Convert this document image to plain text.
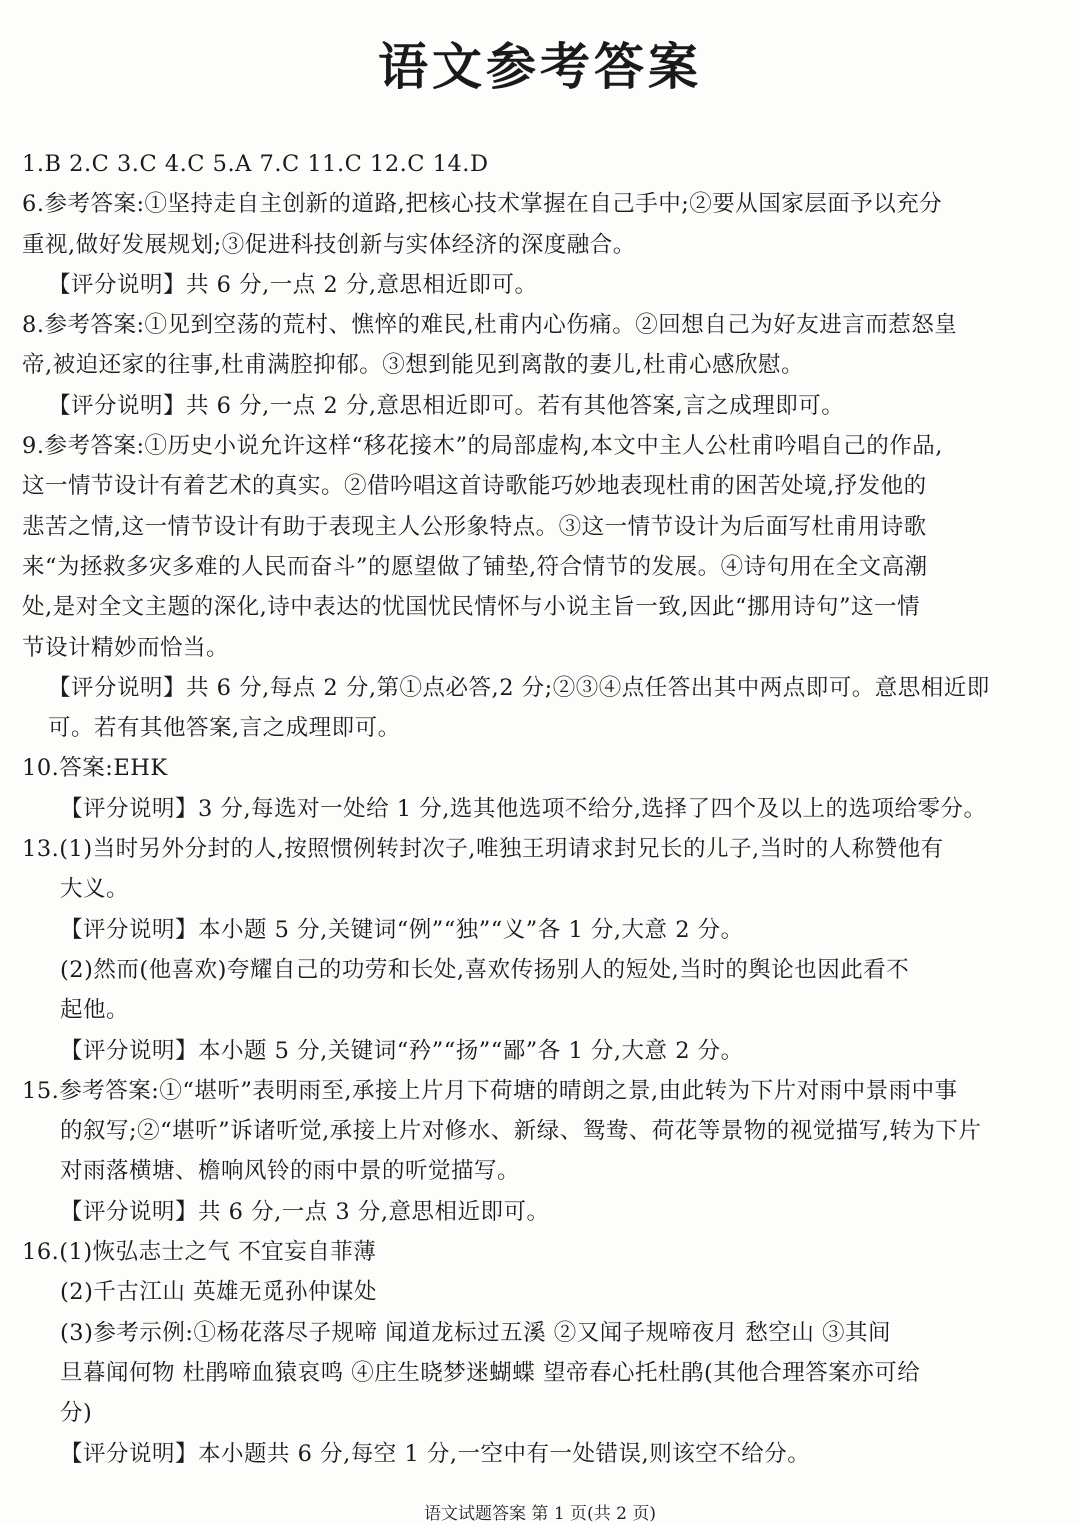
语文参考答案
1.B 2.C 3.C 4.C 5.A 7.C 11.C 12.C 14.D
6.参考答案:①坚持走自主创新的道路,把核心技术掌握在自己手中;②要从国家层面予以充分
重视,做好发展规划;③促进科技创新与实体经济的深度融合。
【评分说明】共 6 分,一点 2 分,意思相近即可。
8.参考答案:①见到空荡的荒村、憔悴的难民,杜甫内心伤痛。②回想自己为好友进言而惹怒皇
帝,被迫还家的往事,杜甫满腔抑郁。③想到能见到离散的妻儿,杜甫心感欣慰。
【评分说明】共 6 分,一点 2 分,意思相近即可。若有其他答案,言之成理即可。
9.参考答案:①历史小说允许这样“移花接木”的局部虚构,本文中主人公杜甫吟唱自己的作品,
这一情节设计有着艺术的真实。②借吟唱这首诗歌能巧妙地表现杜甫的困苦处境,抒发他的
悲苦之情,这一情节设计有助于表现主人公形象特点。③这一情节设计为后面写杜甫用诗歌
来“为拯救多灾多难的人民而奋斗”的愿望做了铺垫,符合情节的发展。④诗句用在全文高潮
处,是对全文主题的深化,诗中表达的忧国忧民情怀与小说主旨一致,因此“挪用诗句”这一情
节设计精妙而恰当。
【评分说明】共 6 分,每点 2 分,第①点必答,2 分;②③④点任答出其中两点即可。意思相近即
可。若有其他答案,言之成理即可。
10.答案:EHK
【评分说明】3 分,每选对一处给 1 分,选其他选项不给分,选择了四个及以上的选项给零分。
13.(1)当时另外分封的人,按照惯例转封次子,唯独王玥请求封兄长的儿子,当时的人称赞他有
大义。
【评分说明】本小题 5 分,关键词“例”“独”“义”各 1 分,大意 2 分。
(2)然而(他喜欢)夸耀自己的功劳和长处,喜欢传扬别人的短处,当时的舆论也因此看不
起他。
【评分说明】本小题 5 分,关键词“矜”“扬”“鄙”各 1 分,大意 2 分。
15.参考答案:①“堪听”表明雨至,承接上片月下荷塘的晴朗之景,由此转为下片对雨中景雨中事
的叙写;②“堪听”诉诸听觉,承接上片对修水、新绿、鸳鸯、荷花等景物的视觉描写,转为下片
对雨落横塘、檐响风铃的雨中景的听觉描写。
【评分说明】共 6 分,一点 3 分,意思相近即可。
16.(1)恢弘志士之气 不宜妄自菲薄
(2)千古江山 英雄无觅孙仲谋处
(3)参考示例:①杨花落尽子规啼 闻道龙标过五溪 ②又闻子规啼夜月 愁空山 ③其间
旦暮闻何物 杜鹃啼血猿哀鸣 ④庄生晓梦迷蝴蝶 望帝春心托杜鹃(其他合理答案亦可给
分)
【评分说明】本小题共 6 分,每空 1 分,一空中有一处错误,则该空不给分。
语文试题答案 第 1 页(共 2 页)
